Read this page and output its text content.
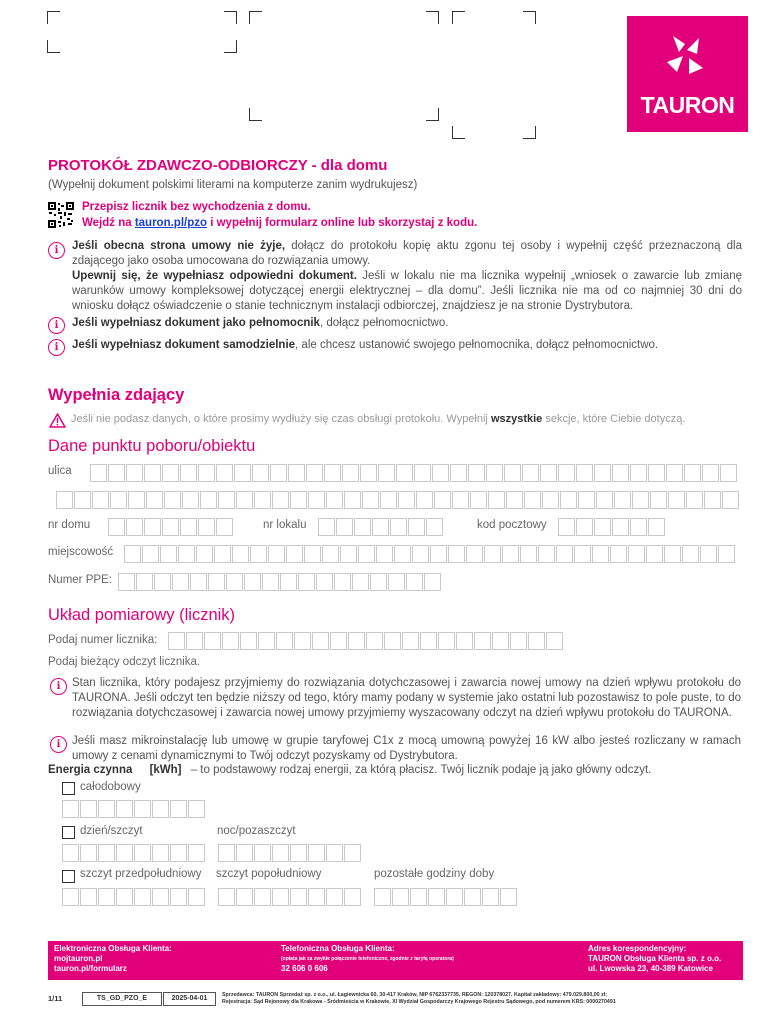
TAURON
PROTOKÓŁ ZDAWCZO-ODBIORCZY - dla domu
(Wypełnij dokument polskimi literami na komputerze zanim wydrukujesz)
Przepisz licznik bez wychodzenia z domu.
Wejdź na tauron.pl/pzo i wypełnij formularz online lub skorzystaj z kodu.
i	Jeśli obecna strona umowy nie żyje, dołącz do protokołu kopię aktu zgonu tej osoby i wypełnij część przeznaczoną dla zdającego jako osoba umocowana do rozwiązania umowy.
Upewnij się, że wypełniasz odpowiedni dokument. Jeśli w lokalu nie ma licznika wypełnij „wniosek o zawarcie lub zmianę warunków umowy kompleksowej dotyczącej energii elektrycznej – dla domu”. Jeśli licznika nie ma od co najmniej 30 dni do wniosku dołącz oświadczenie o stanie technicznym instalacji odbiorczej, znajdziesz je na stronie Dystrybutora.
i	Jeśli wypełniasz dokument jako pełnomocnik, dołącz pełnomocnictwo.
i	Jeśli wypełniasz dokument samodzielnie, ale chcesz ustanowić swojego pełnomocnika, dołącz pełnomocnictwo.
Wypełnia zdający
Jeśli nie podasz danych, o które prosimy wydłuży się czas obsługi protokołu. Wypełnij wszystkie sekcje, które Ciebie dotyczą.
Dane punktu poboru/obiektu
ulica
nr domu	nr lokalu	kod pocztowy
miejscowość
Numer PPE:
Układ pomiarowy (licznik)
Podaj numer licznika:
Podaj bieżący odczyt licznika.
i	Stan licznika, który podajesz przyjmiemy do rozwiązania dotychczasowej i zawarcia nowej umowy na dzień wpływu protokołu do TAURONA. Jeśli odczyt ten będzie niższy od tego, który mamy podany w systemie jako ostatni lub pozostawisz to pole puste, to do rozwiązania dotychczasowej i zawarcia nowej umowy przyjmiemy wyszacowany odczyt na dzień wpływu protokołu do TAURONA.
i	Jeśli masz mikroinstalację lub umowę w grupie taryfowej C1x z mocą umowną powyżej 16 kW albo jesteś rozliczany w ramach umowy z cenami dynamicznymi to Twój odczyt pozyskamy od Dystrybutora.
Energia czynna [kWh] – to podstawowy rodzaj energii, za którą płacisz. Twój licznik podaje ją jako główny odczyt.
całodobowy
dzień/szczyt	noc/pozaszczyt
szczyt przedpołudniowy szczyt popołudniowy	pozostałe godziny doby
Elektroniczna Obsługa Klienta:
mojtauron.pl
tauron.pl/formularz
Telefoniczna Obsługa Klienta:
(opłata jak za zwykłe połączenie telefoniczne, zgodnie z taryfą operatora)
32 606 0 606
Adres korespondencyjny:
TAURON Obsługa Klienta sp. z o.o.
ul. Lwowska 23, 40-389 Katowice
1/11	TS_GD_PZO_E	2025-04-01	Sprzedawca: TAURON Sprzedaż sp. z o.o., ul. Łagiewnicka 60, 30-417 Kraków, NIP 6762337735, REGON: 120378027, Kapitał zakładowy: 479.029.800,00 zł;
Rejestracja: Sąd Rejonowy dla Krakowa - Śródmieścia w Krakowie, XI Wydział Gospodarczy Krajowego Rejestru Sądowego, pod numerem KRS: 0000270491
